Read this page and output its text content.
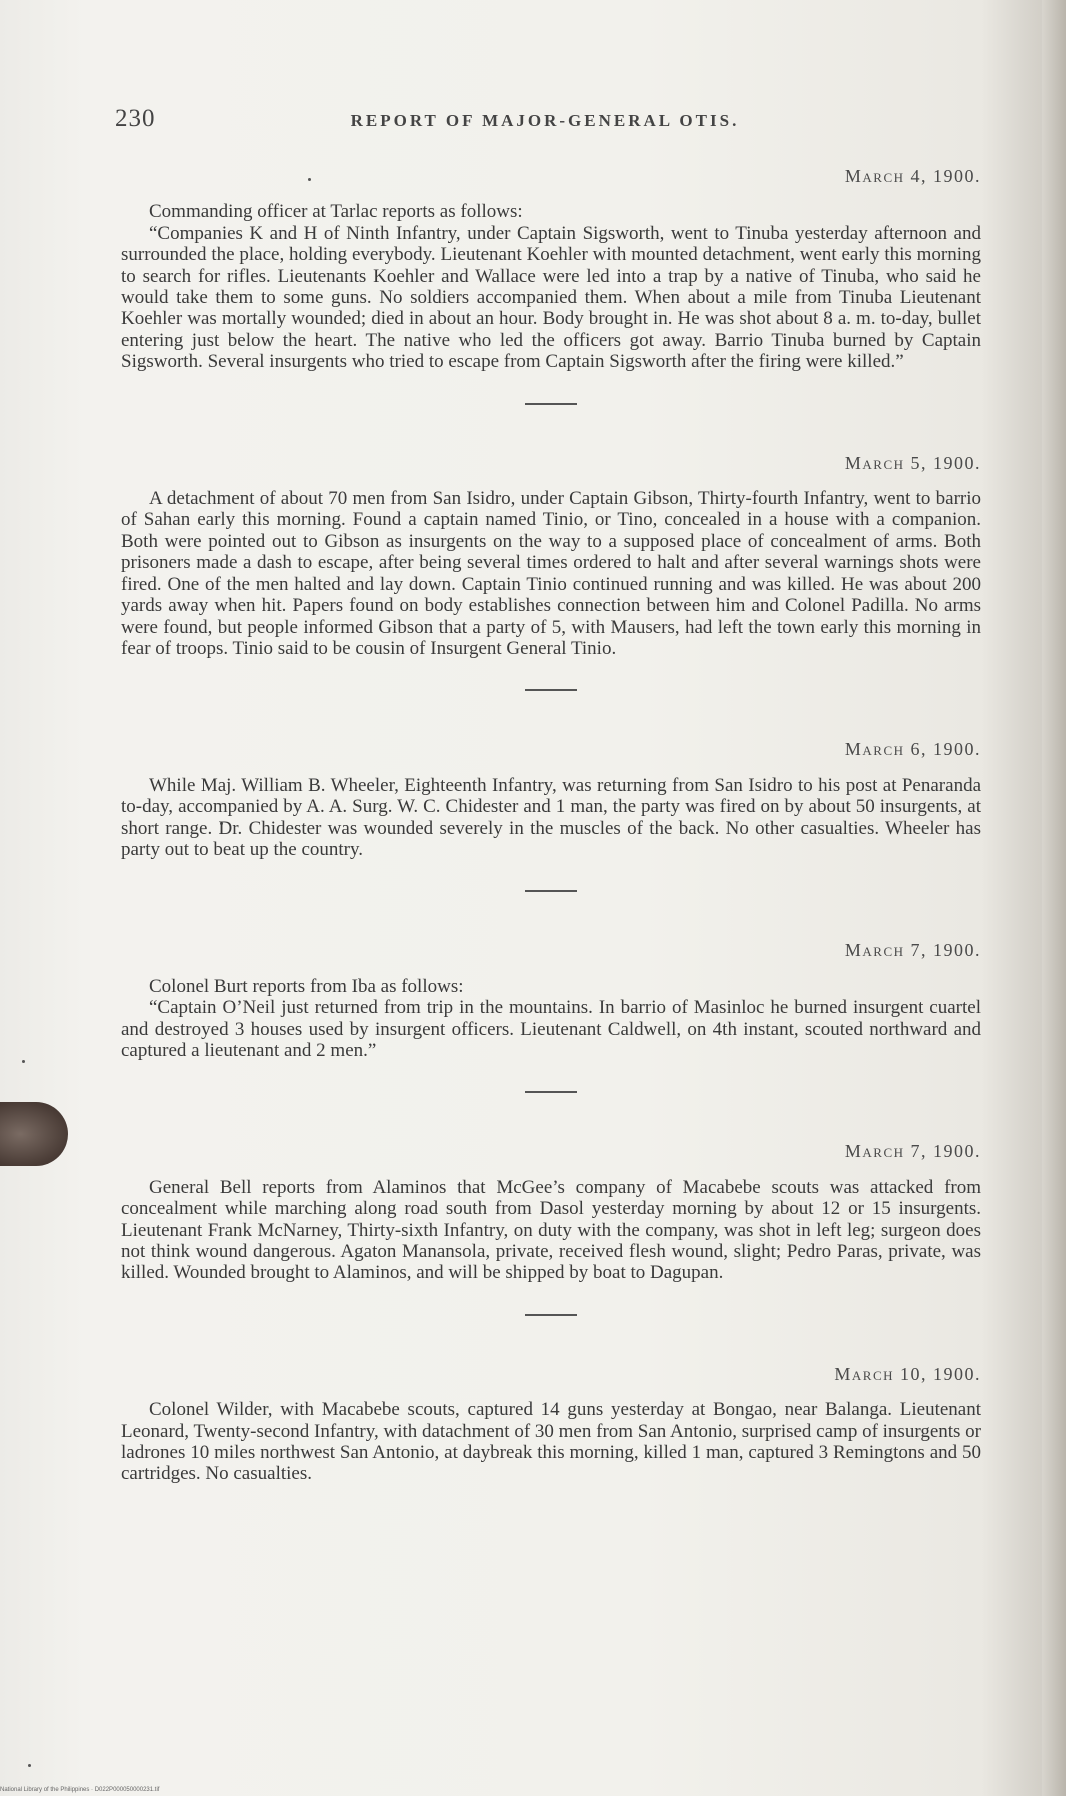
230	REPORT OF MAJOR-GENERAL OTIS.

March 4, 1900.

Commanding officer at Tarlac reports as follows:

“Companies K and H of Ninth Infantry, under Captain Sigsworth, went to Tinuba yesterday afternoon and surrounded the place, holding everybody. Lieutenant Koehler with mounted detachment, went early this morning to search for rifles. Lieutenants Koehler and Wallace were led into a trap by a native of Tinuba, who said he would take them to some guns. No soldiers accompanied them. When about a mile from Tinuba Lieutenant Koehler was mortally wounded; died in about an hour. Body brought in. He was shot about 8 a. m. to-day, bullet entering just below the heart. The native who led the officers got away. Barrio Tinuba burned by Captain Sigsworth. Several insurgents who tried to escape from Captain Sigsworth after the firing were killed.”

March 5, 1900.

A detachment of about 70 men from San Isidro, under Captain Gibson, Thirty-fourth Infantry, went to barrio of Sahan early this morning. Found a captain named Tinio, or Tino, concealed in a house with a companion. Both were pointed out to Gibson as insurgents on the way to a supposed place of concealment of arms. Both prisoners made a dash to escape, after being several times ordered to halt and after several warnings shots were fired. One of the men halted and lay down. Captain Tinio continued running and was killed. He was about 200 yards away when hit. Papers found on body establishes connection between him and Colonel Padilla. No arms were found, but people informed Gibson that a party of 5, with Mausers, had left the town early this morning in fear of troops. Tinio said to be cousin of Insurgent General Tinio.

March 6, 1900.

While Maj. William B. Wheeler, Eighteenth Infantry, was returning from San Isidro to his post at Penaranda to-day, accompanied by A. A. Surg. W. C. Chidester and 1 man, the party was fired on by about 50 insurgents, at short range. Dr. Chidester was wounded severely in the muscles of the back. No other casualties. Wheeler has party out to beat up the country.

March 7, 1900.

Colonel Burt reports from Iba as follows:

“Captain O’Neil just returned from trip in the mountains. In barrio of Masinloc he burned insurgent cuartel and destroyed 3 houses used by insurgent officers. Lieutenant Caldwell, on 4th instant, scouted northward and captured a lieutenant and 2 men.”

March 7, 1900.

General Bell reports from Alaminos that McGee’s company of Macabebe scouts was attacked from concealment while marching along road south from Dasol yesterday morning by about 12 or 15 insurgents. Lieutenant Frank McNarney, Thirty-sixth Infantry, on duty with the company, was shot in left leg; surgeon does not think wound dangerous. Agaton Manansola, private, received flesh wound, slight; Pedro Paras, private, was killed. Wounded brought to Alaminos, and will be shipped by boat to Dagupan.

March 10, 1900.

Colonel Wilder, with Macabebe scouts, captured 14 guns yesterday at Bongao, near Balanga. Lieutenant Leonard, Twenty-second Infantry, with datachment of 30 men from San Antonio, surprised camp of insurgents or ladrones 10 miles northwest San Antonio, at daybreak this morning, killed 1 man, captured 3 Remingtons and 50 cartridges. No casualties.

National Library of the Philippines · D022P000050000231.tif
